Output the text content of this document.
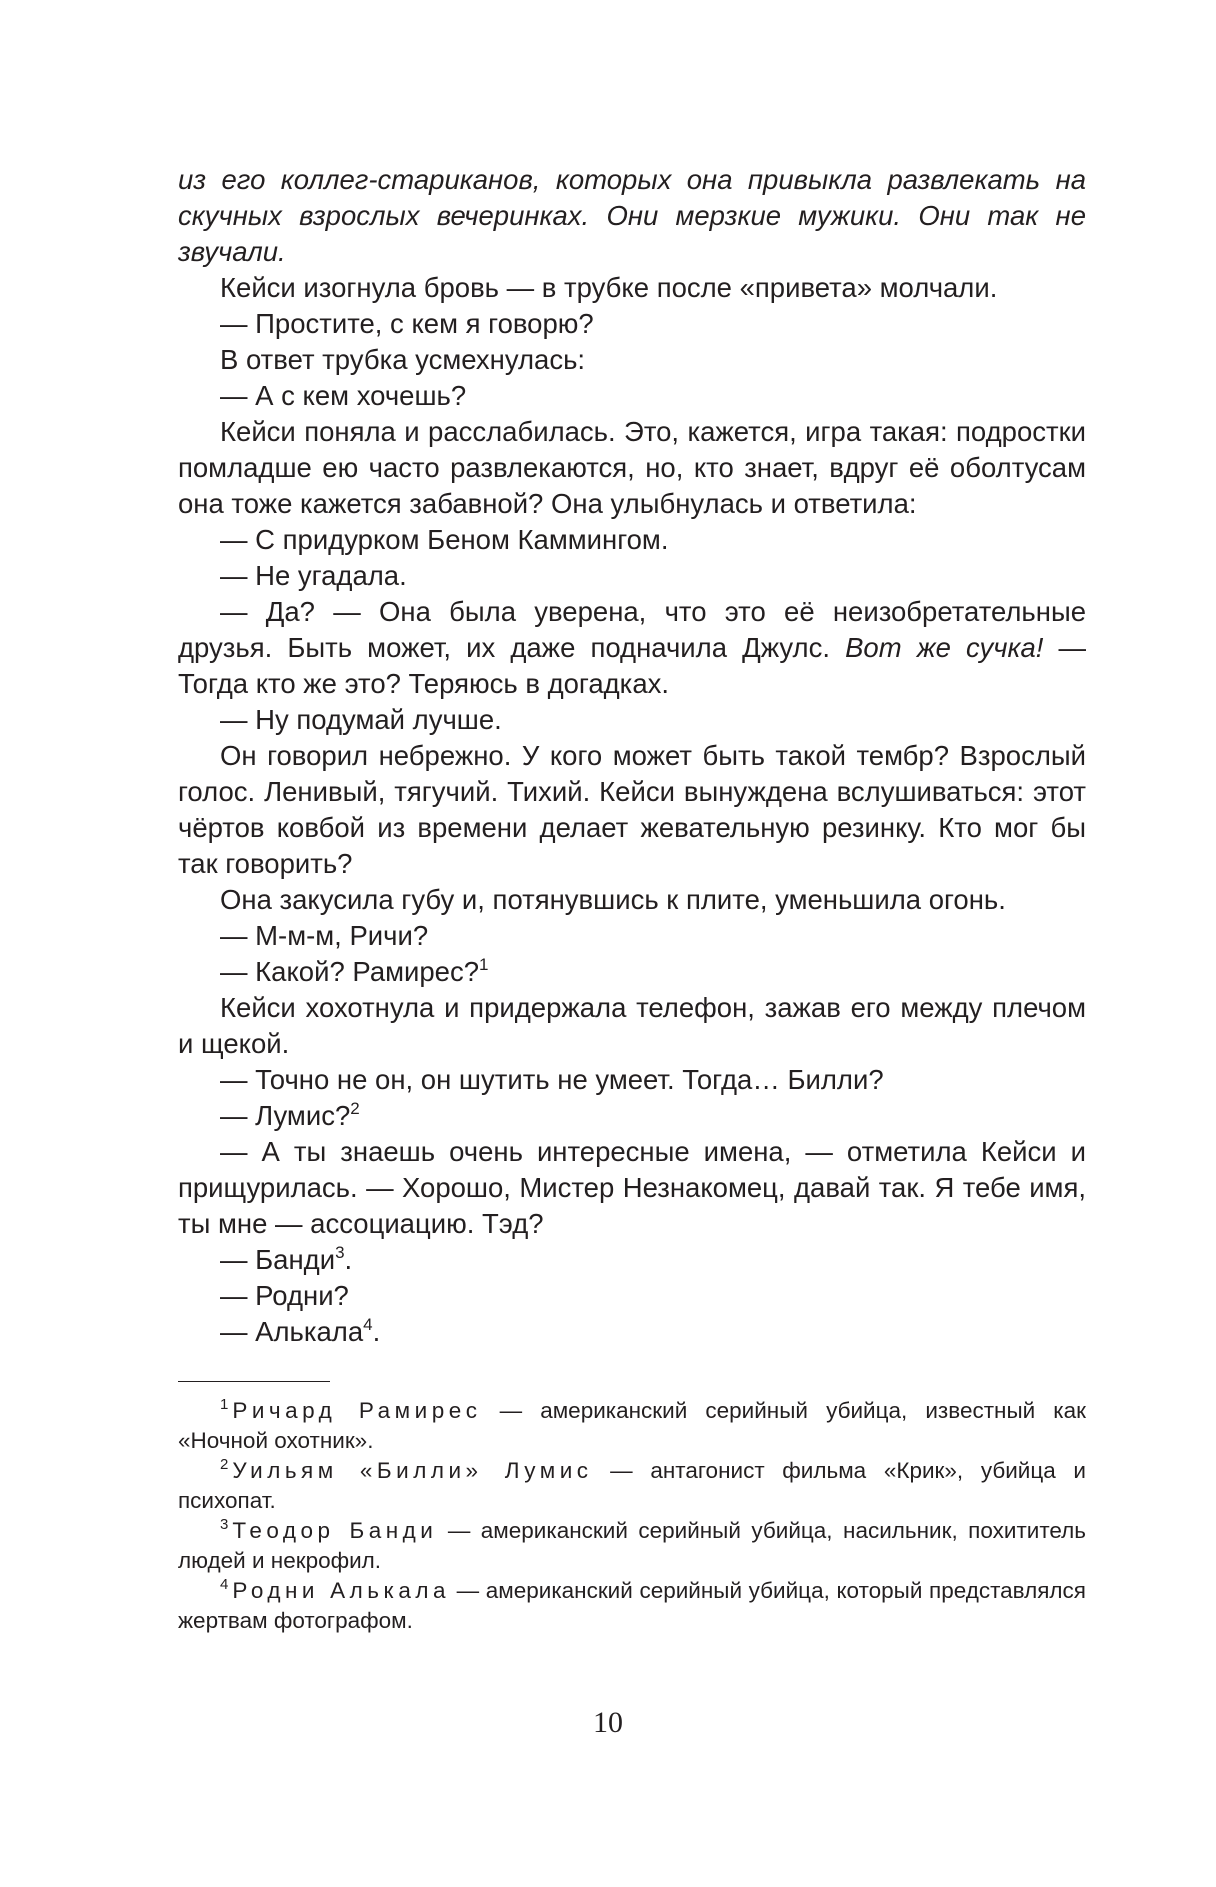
из его коллег-стариканов, которых она привыкла развлекать на скучных взрослых вечеринках. Они мерзкие мужики. Они так не звучали.

Кейси изогнула бровь — в трубке после «привета» молчали.

— Простите, с кем я говорю?

В ответ трубка усмехнулась:

— А с кем хочешь?

Кейси поняла и расслабилась. Это, кажется, игра такая: подростки помладше ею часто развлекаются, но, кто знает, вдруг её оболтусам она тоже кажется забавной? Она улыбнулась и ответила:

— С придурком Беном Каммингом.

— Не угадала.

— Да? — Она была уверена, что это её неизобретательные друзья. Быть может, их даже подначила Джулс. Вот же сучка! — Тогда кто же это? Теряюсь в догадках.

— Ну подумай лучше.

Он говорил небрежно. У кого может быть такой тембр? Взрослый голос. Ленивый, тягучий. Тихий. Кейси вынуждена вслушиваться: этот чёртов ковбой из времени делает жевательную резинку. Кто мог бы так говорить?

Она закусила губу и, потянувшись к плите, уменьшила огонь.

— М-м-м, Ричи?

— Какой? Рамирес?$^1$

Кейси хохотнула и придержала телефон, зажав его между плечом и щекой.

— Точно не он, он шутить не умеет. Тогда… Билли?

— Лумис?$^2$

— А ты знаешь очень интересные имена, — отметила Кейси и прищурилась. — Хорошо, Мистер Незнакомец, давай так. Я тебе имя, ты мне — ассоциацию. Тэд?

— Банди$^3$.

— Родни?

— Алькала$^4$.

$^1$ Ричард Рамирес — американский серийный убийца, известный как «Ночной охотник».

$^2$ Уильям «Билли» Лумис — антагонист фильма «Крик», убийца и психопат.

$^3$ Теодор Банди — американский серийный убийца, насильник, похититель людей и некрофил.

$^4$ Родни Алькала — американский серийный убийца, который представлялся жертвам фотографом.

10
